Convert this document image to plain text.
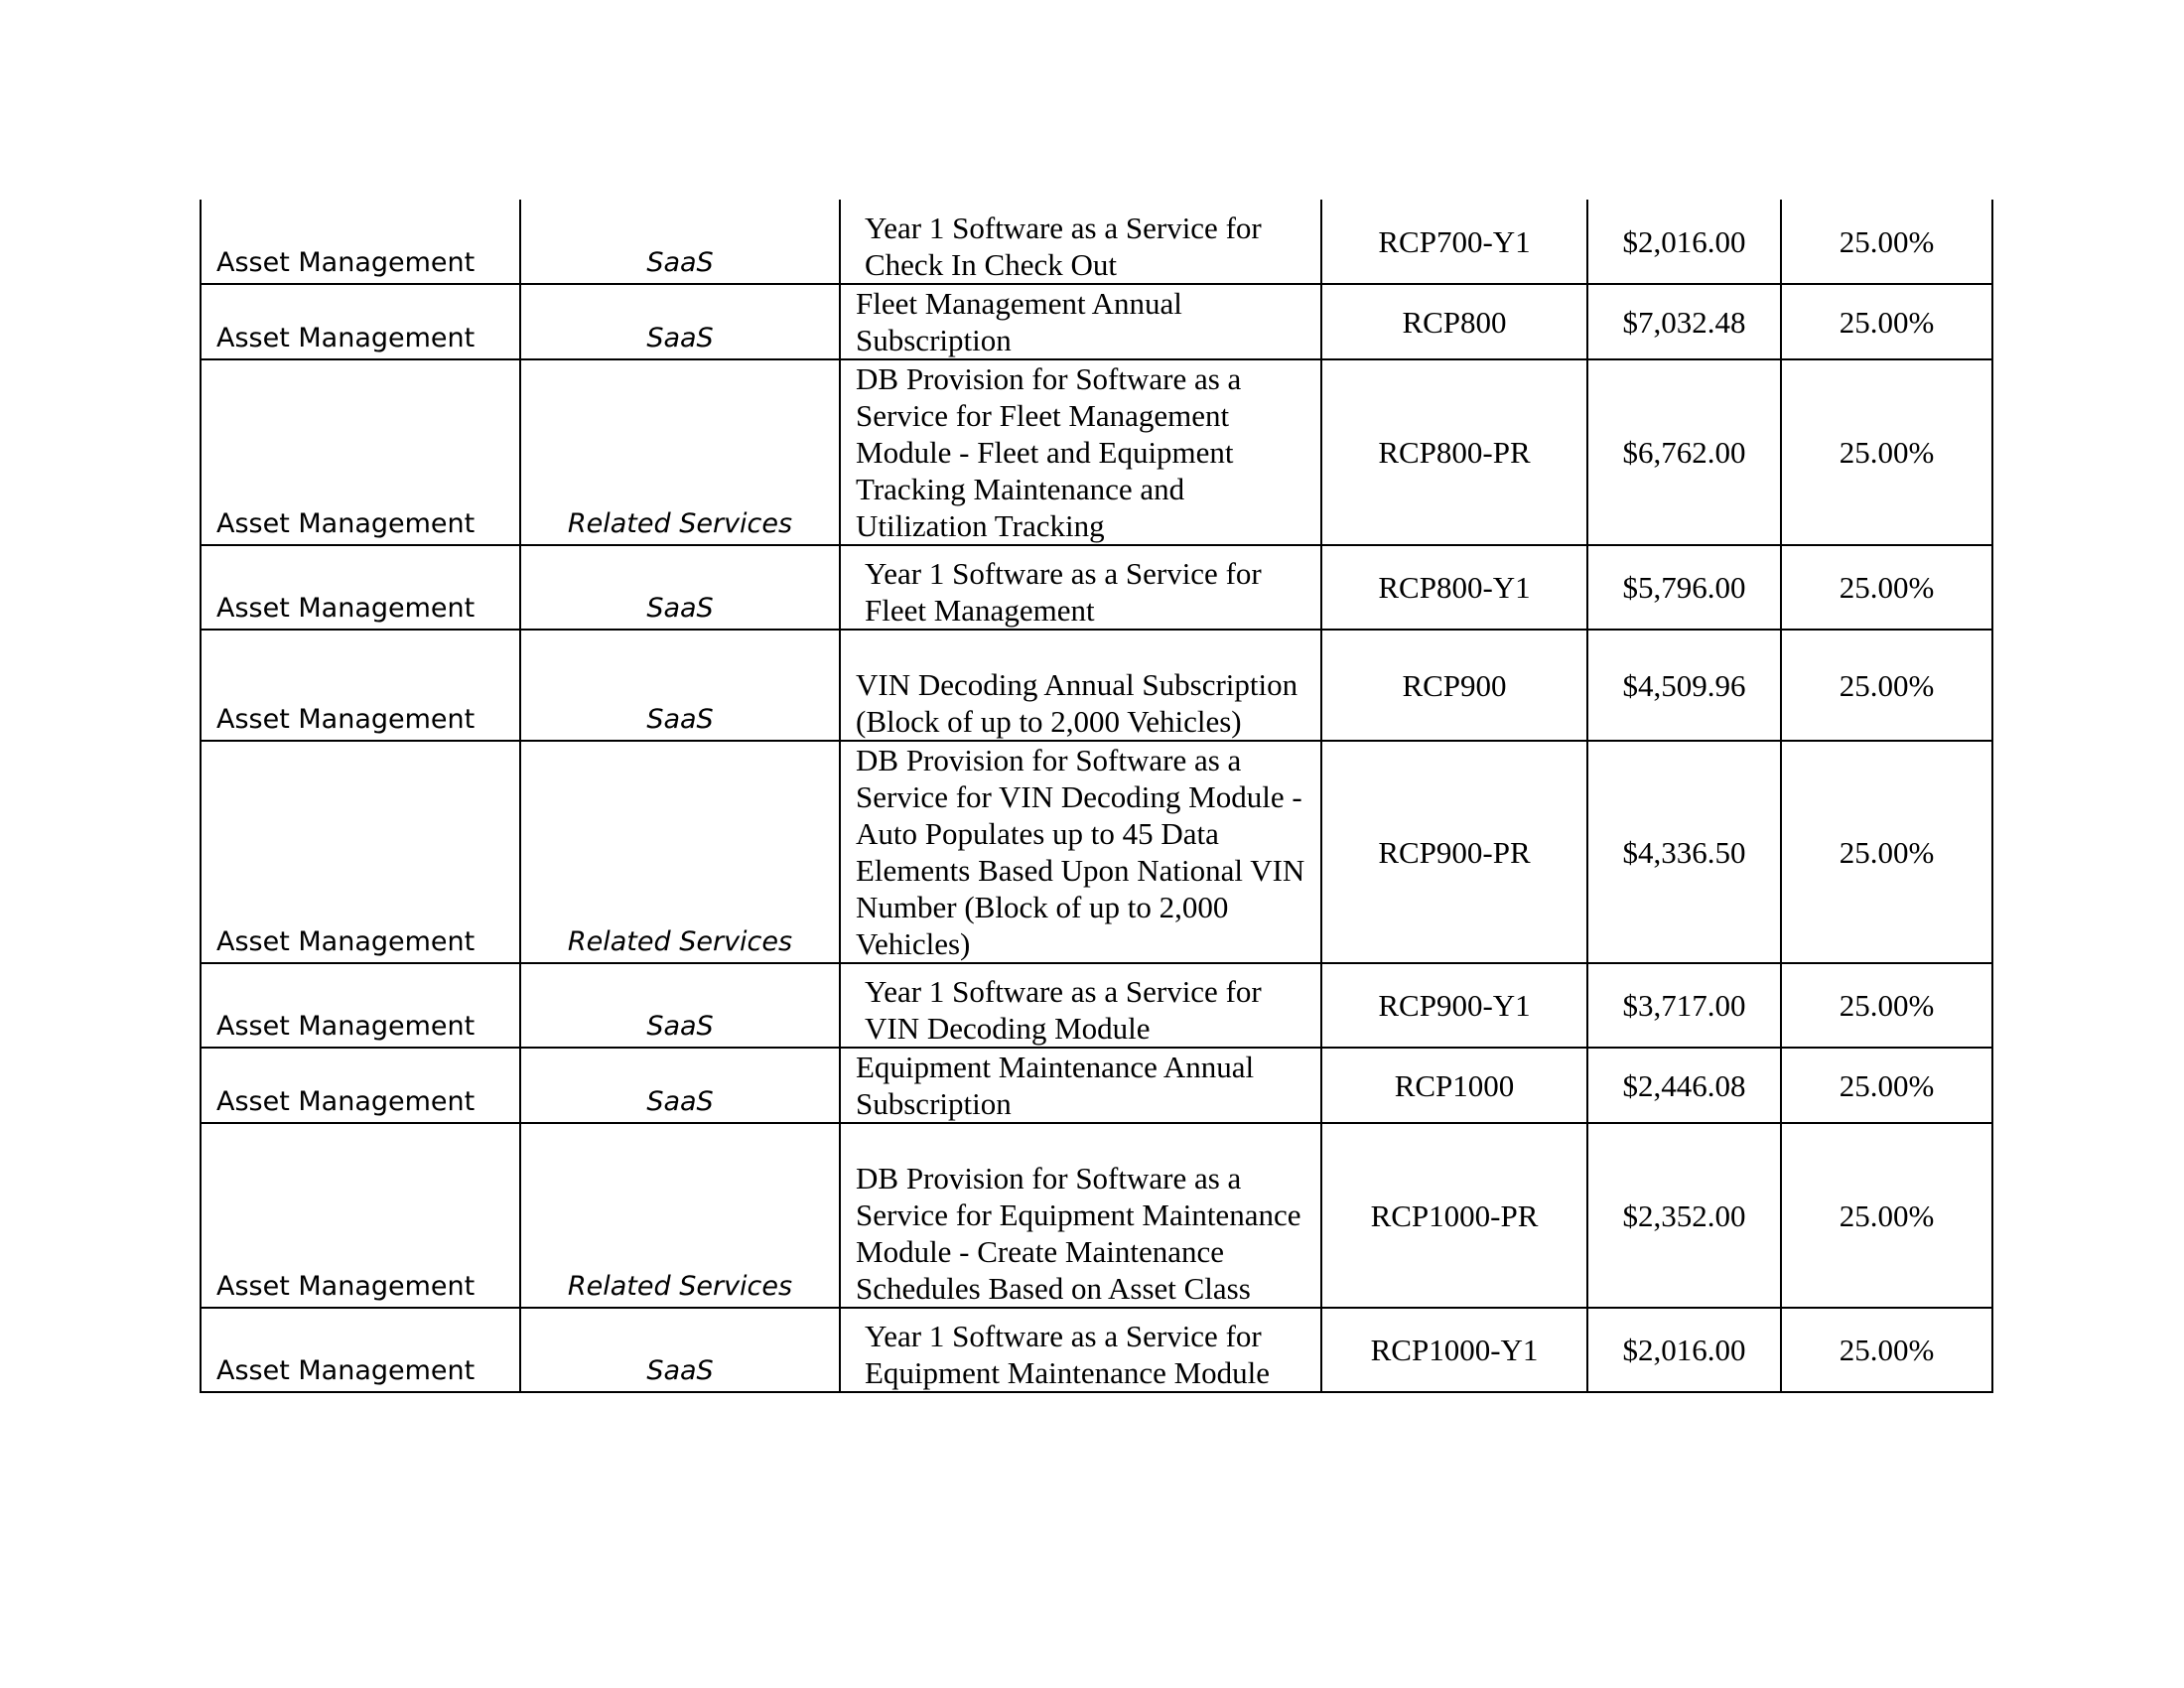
Asset Management	SaaS	Year 1 Software as a Service for Check In Check Out	RCP700-Y1	$2,016.00	25.00%
Asset Management	SaaS	Fleet Management Annual Subscription	RCP800	$7,032.48	25.00%
Asset Management	Related Services	DB Provision for Software as a Service for Fleet Management Module - Fleet and Equipment Tracking Maintenance and Utilization Tracking	RCP800-PR	$6,762.00	25.00%
Asset Management	SaaS	Year 1 Software as a Service for Fleet Management	RCP800-Y1	$5,796.00	25.00%
Asset Management	SaaS	VIN Decoding Annual Subscription (Block of up to 2,000 Vehicles)	RCP900	$4,509.96	25.00%
Asset Management	Related Services	DB Provision for Software as a Service for VIN Decoding Module - Auto Populates up to 45 Data Elements Based Upon National VIN Number (Block of up to 2,000 Vehicles)	RCP900-PR	$4,336.50	25.00%
Asset Management	SaaS	Year 1 Software as a Service for VIN Decoding Module	RCP900-Y1	$3,717.00	25.00%
Asset Management	SaaS	Equipment Maintenance Annual Subscription	RCP1000	$2,446.08	25.00%
Asset Management	Related Services	DB Provision for Software as a Service for Equipment Maintenance Module - Create Maintenance Schedules Based on Asset Class	RCP1000-PR	$2,352.00	25.00%
Asset Management	SaaS	Year 1 Software as a Service for Equipment Maintenance Module	RCP1000-Y1	$2,016.00	25.00%
